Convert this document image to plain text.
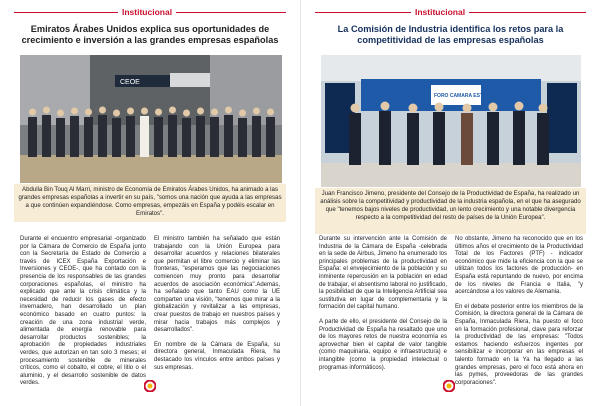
Institucional
Emiratos Árabes Unidos explica sus oportunidades de crecimiento e inversión a las grandes empresas españolas
CEOE
Abdulla Bin Touq Al Marri, ministro de Economía de Emiratos Árabes Unidos, ha animado a las grandes empresas españolas a invertir en su país, "somos una nación que ayuda a las empresas a que continúen expandiéndose. Como empresas, empezáis en España y podéis escalar en Emiratos".

Durante el encuentro empresarial -organizado por la Cámara de Comercio de España junto con la Secretaría de Estado de Comercio a través de ICEX España Exportación e Inversiones y CEOE-, que ha contado con la presencia de los responsables de las grandes corporaciones españolas, el ministro ha explicado que ante la crisis climática y la necesidad de reducir los gases de efecto invernadero, han desarrollado un plan económico basado en cuatro puntos: la creación de una zona industrial verde, alimentada de energía renovable para desarrollar productos sostenibles; la aprobación de propiedades industriales verdes, que autorizan en tan solo 3 meses; el procesamiento sostenible de minerales críticos, como el cobalto, el cobre, el litio o el aluminio, y el desarrollo sostenible de datos verdes.

El ministro también ha señalado que están trabajando con la Unión Europea para desarrollar acuerdos y relaciones bilaterales que permitan el libre comercio y eliminar las fronteras, "esperamos que las negociaciones comiencen muy pronto para desarrollar acuerdos de asociación económica".Además, ha señalado que tanto EAU como la UE comparten una visión, "tenemos que mirar a la globalización y revitalizar a las empresas, crear puestos de trabajo en nuestros países y mirar hacia trabajos más complejos y desarrollados".

En nombre de la Cámara de España, su directora general, Inmaculada Riera, ha destacado los vínculos entre ambos países y sus empresas.

Institucional
La Comisión de Industria identifica los retos para la competitividad de las empresas españolas
FORO CAMARA ESTATE
Juan Francisco Jimeno, presidente del Consejo de la Productividad de España, ha realizado un análisis sobre la competitividad y productividad de la industria española, en el que ha asegurado que "tenemos bajos niveles de productividad, un lento crecimiento y una notable divergencia respecto a la competitividad del resto de países de la Unión Europea".

Durante su intervención ante la Comisión de Industria de la Cámara de España -celebrada en la sede de Airbus, Jimeno ha enumerado los principales problemas de la productividad en España: el envejecimiento de la población y su inminente repercusión en la población en edad de trabajar, el absentismo laboral no justificado, la posibilidad de que la Inteligencia Artificial sea sustitutiva en lugar de complementaria y la formación del capital humano.

A parte de ello, el presidente del Consejo de la Productividad de España ha resaltado que uno de los mayores retos de nuestra economía es aprovechar bien el capital de valor tangible (como maquinaria, equipo e infraestructura) e intangible (como la propiedad intelectual o programas informáticos).

No obstante, Jimeno ha reconocido que en los últimos años el crecimiento de la Productividad Total de los Factores (PTF) - indicador económico que mide la eficiencia con la que se utilizan todos los factores de producción- en España está repuntando de nuevo, por encima de los niveles de Francia e Italia, "y acercándose a los valores de Alemania.

En el debate posterior entre los miembros de la Comisión, la directora general de la Cámara de España, Inmaculada Riera, ha puesto el foco en la formación profesional, clave para reforzar la productividad de las empresas: "Todos estamos haciendo esfuerzos ingentes por sensibilizar e incorporar en las empresas el talento formado en la Ya ha llegado a las grandes empresas, pero el foco está ahora en las pymes, proveedoras de las grandes corporaciones".
